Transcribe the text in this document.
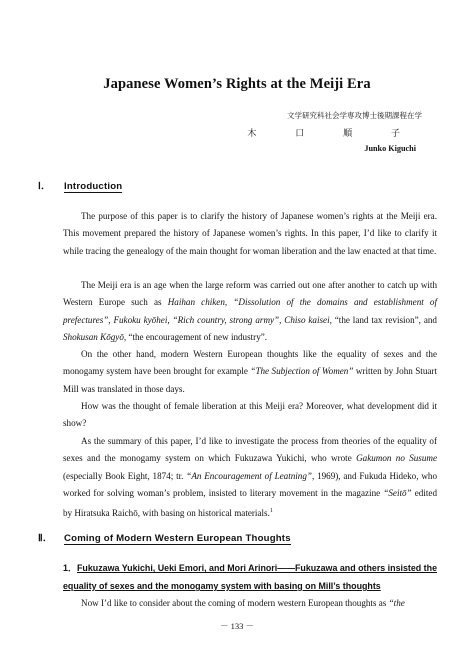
Japanese Women’s Rights at the Meiji Era
文学研究科社会学専攻博士後期課程在学
木 口 順 子
Junko Kiguchi
Ⅰ． Introduction

The purpose of this paper is to clarify the history of Japanese women’s rights at the Meiji era. This movement prepared the history of Japanese women’s rights. In this paper, I’d like to clarify it while tracing the genealogy of the main thought for woman liberation and the law enacted at that time.

The Meiji era is an age when the large reform was carried out one after another to catch up with Western Europe such as Haihan chiken, “Dissolution of the domains and establishment of prefectures”, Fukoku kyōhei, “Rich country, strong army”, Chiso kaisei, “the land tax revision”, and Shokusan Kōgyō, “the encouragement of new industry”.

On the other hand, modern Western European thoughts like the equality of sexes and the monogamy system have been brought for example “The Subjection of Women” written by John Stuart Mill was translated in those days.

How was the thought of female liberation at this Meiji era? Moreover, what development did it show?

As the summary of this paper, I’d like to investigate the process from theories of the equality of sexes and the monogamy system on which Fukuzawa Yukichi, who wrote Gakumon no Susume (especially Book Eight, 1874; tr. “An Encouragement of Leatning”, 1969), and Fukuda Hideko, who worked for solving woman’s problem, insisted to literary movement in the magazine “Seitō” edited by Hiratsuka Raichō, with basing on historical materials.$^1$

Ⅱ． Coming of Modern Western European Thoughts
1．Fukuzawa Yukichi, Ueki Emori, and Mori Arinori――Fukuzawa and others insisted the equality of sexes and the monogamy system with basing on Mill’s thoughts

Now I’d like to consider about the coming of modern western European thoughts as “the

－ 133 －
